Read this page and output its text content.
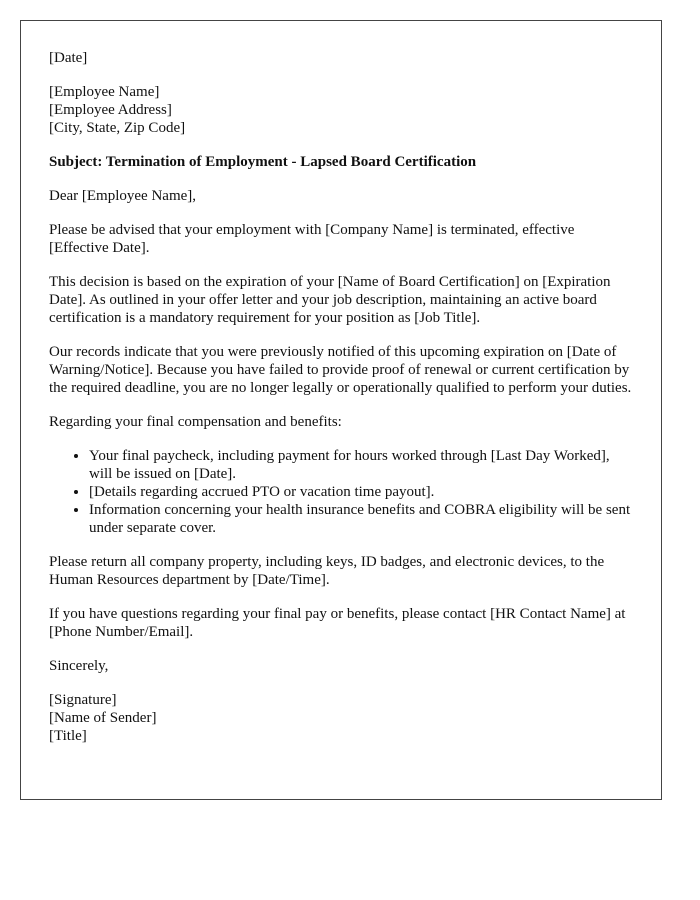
[Date]

[Employee Name]
[Employee Address]
[City, State, Zip Code]

Subject: Termination of Employment - Lapsed Board Certification

Dear [Employee Name],

Please be advised that your employment with [Company Name] is terminated, effective [Effective Date].

This decision is based on the expiration of your [Name of Board Certification] on [Expiration Date]. As outlined in your offer letter and your job description, maintaining an active board certification is a mandatory requirement for your position as [Job Title].

Our records indicate that you were previously notified of this upcoming expiration on [Date of Warning/Notice]. Because you have failed to provide proof of renewal or current certification by the required deadline, you are no longer legally or operationally qualified to perform your duties.

Regarding your final compensation and benefits:

• Your final paycheck, including payment for hours worked through [Last Day Worked], will be issued on [Date].
• [Details regarding accrued PTO or vacation time payout].
• Information concerning your health insurance benefits and COBRA eligibility will be sent under separate cover.

Please return all company property, including keys, ID badges, and electronic devices, to the Human Resources department by [Date/Time].

If you have questions regarding your final pay or benefits, please contact [HR Contact Name] at [Phone Number/Email].

Sincerely,

[Signature]
[Name of Sender]
[Title]
